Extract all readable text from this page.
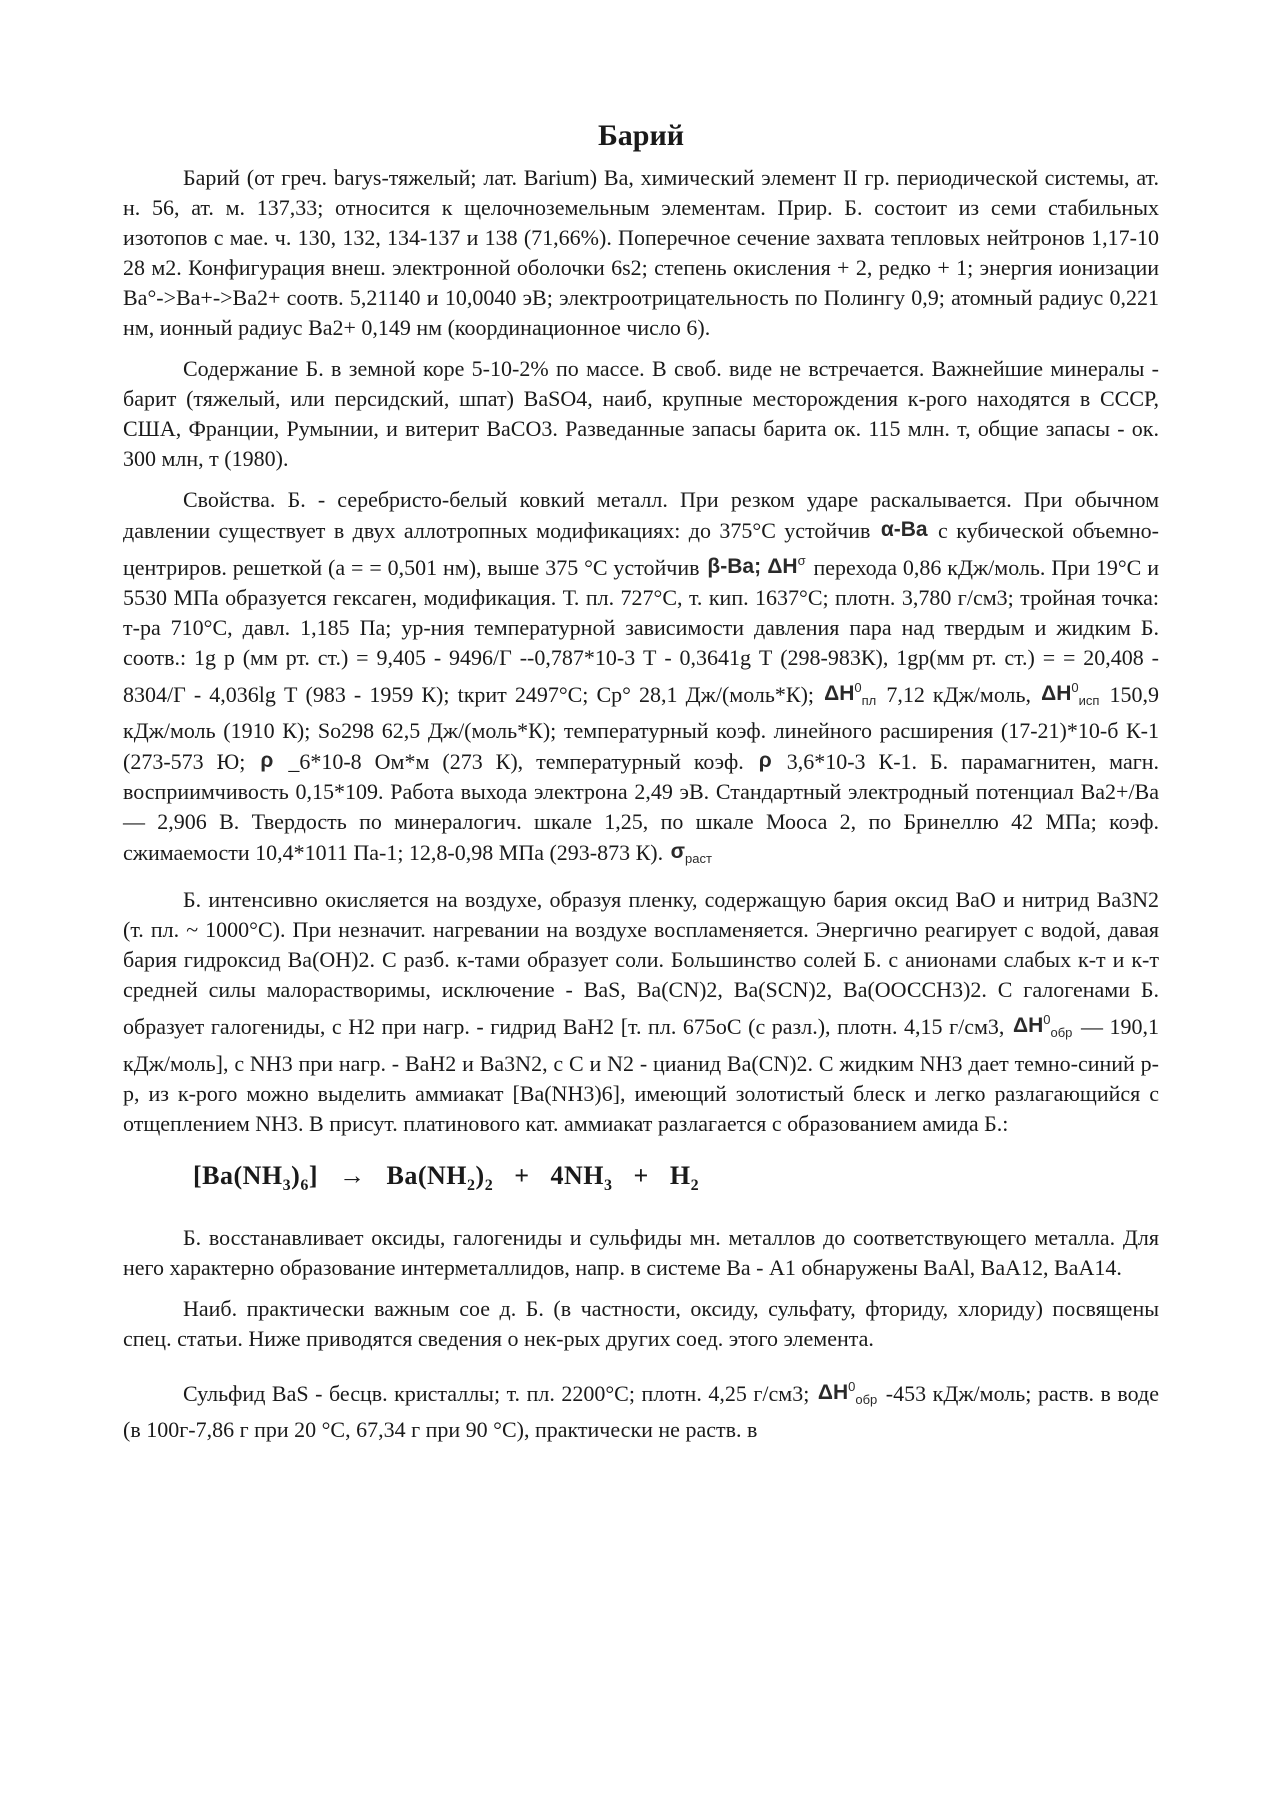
Барий

Барий (от греч. barys-тяжелый; лат. Barium) Ba, химический элемент II гр. периодической системы, ат. н. 56, ат. м. 137,33; относится к щелочноземельным элементам. Прир. Б. состоит из семи стабильных изотопов с мае. ч. 130, 132, 134-137 и 138 (71,66%). Поперечное сечение захвата тепловых нейтронов 1,17-10 28 м2. Конфигурация внеш. электронной оболочки 6s2; степень окисления + 2, редко + 1; энергия ионизации Ba°->Ba+->Ba2+ соотв. 5,21140 и 10,0040 эВ; электроотрицательность по Полингу 0,9; атомный радиус 0,221 нм, ионный радиус Ba2+ 0,149 нм (координационное число 6).

Содержание Б. в земной коре 5-10-2% по массе. В своб. виде не встречается. Важнейшие минералы - барит (тяжелый, или персидский, шпат) BaSO4, наиб, крупные месторождения к-рого находятся в СССР, США, Франции, Румынии, и витерит ВаСО3. Разведанные запасы барита ок. 115 млн. т, общие запасы - ок. 300 млн, т (1980).

Свойства. Б. - серебристо-белый ковкий металл. При резком ударе раскалывается. При обычном давлении существует в двух аллотропных модификациях: до 375°С устойчив α-Ba с кубической объемно-центриров. решеткой (а = = 0,501 нм), выше 375 °С устойчив β-Ba; $\Delta H^\sigma$ перехода 0,86 кДж/моль. При 19°С и 5530 МПа образуется гексаген, модификация. Т. пл. 727°С, т. кип. 1637°С; плотн. 3,780 г/см3; тройная точка: т-ра 710°С, давл. 1,185 Па; ур-ния температурной зависимости давления пара над твердым и жидким Б. соотв.: 1g p (мм рт. ст.) = 9,405 - 9496/Г --0,787*10-3 Т - 0,3641g Т (298-983К), 1gp(мм рт. ст.) = = 20,408 - 8304/Г - 4,036lg Т (983 - 1959 К); tкрит 2497°С; Ср° 28,1 Дж/(моль*К); $\Delta H^0_{пл}$ 7,12 кДж/моль, $\Delta H^0_{исп}$ 150,9 кДж/моль (1910 К); So298 62,5 Дж/(моль*К); температурный коэф. линейного расширения (17-21)*10-б К-1 (273-573 Ю; ρ _6*10-8 Ом*м (273 К), температурный коэф. ρ 3,6*10-3 К-1. Б. парамагнитен, магн. восприимчивость 0,15*109. Работа выхода электрона 2,49 эВ. Стандартный электродный потенциал Ba2+/Ba — 2,906 В. Твердость по минералогич. шкале 1,25, по шкале Мооса 2, по Бринеллю 42 МПа; коэф. сжимаемости 10,4*1011 Па-1; 12,8-0,98 МПа (293-873 К). $\sigma_{раст}$

Б. интенсивно окисляется на воздухе, образуя пленку, содержащую бария оксид ВаО и нитрид Ba3N2 (т. пл. ~ 1000°С). При незначит. нагревании на воздухе воспламеняется. Энергично реагирует с водой, давая бария гидроксид Ва(ОН)2. С разб. к-тами образует соли. Большинство солей Б. с анионами слабых к-т и к-т средней силы малорастворимы, исключение - BaS, Ba(CN)2, Ba(SCN)2, Ва(ООССН3)2. С галогенами Б. образует галогениды, с Н2 при нагр. - гидрид ВаН2 [т. пл. 675оС (с разл.), плотн. 4,15 г/см3, $\Delta H^0_{обр}$ — 190,1 кДж/моль], с NH3 при нагр. - ВаН2 и Ba3N2, с С и N2 - цианид Ba(CN)2. С жидким NH3 дает темно-синий р-р, из к-рого можно выделить аммиакат [Ba(NH3)6], имеющий золотистый блеск и легко разлагающийся с отщеплением NH3. В присут. платинового кат. аммиакат разлагается с образованием амида Б.:

$[Ba(NH_3)_6] \to Ba(NH_2)_2 + 4NH_3 + H_2$

Б. восстанавливает оксиды, галогениды и сульфиды мн. металлов до соответствующего металла. Для него характерно образование интерметаллидов, напр. в системе Ва - А1 обнаружены BaAl, ВаА12, ВаА14.

Наиб. практически важным сое д. Б. (в частности, оксиду, сульфату, фториду, хлориду) посвящены спец. статьи. Ниже приводятся сведения о нек-рых других соед. этого элемента.

Сульфид BaS - бесцв. кристаллы; т. пл. 2200°С; плотн. 4,25 г/см3; $\Delta H^0_{обр}$ -453 кДж/моль; раств. в воде (в 100г-7,86 г при 20 °С, 67,34 г при 90 °С), практически не раств. в
